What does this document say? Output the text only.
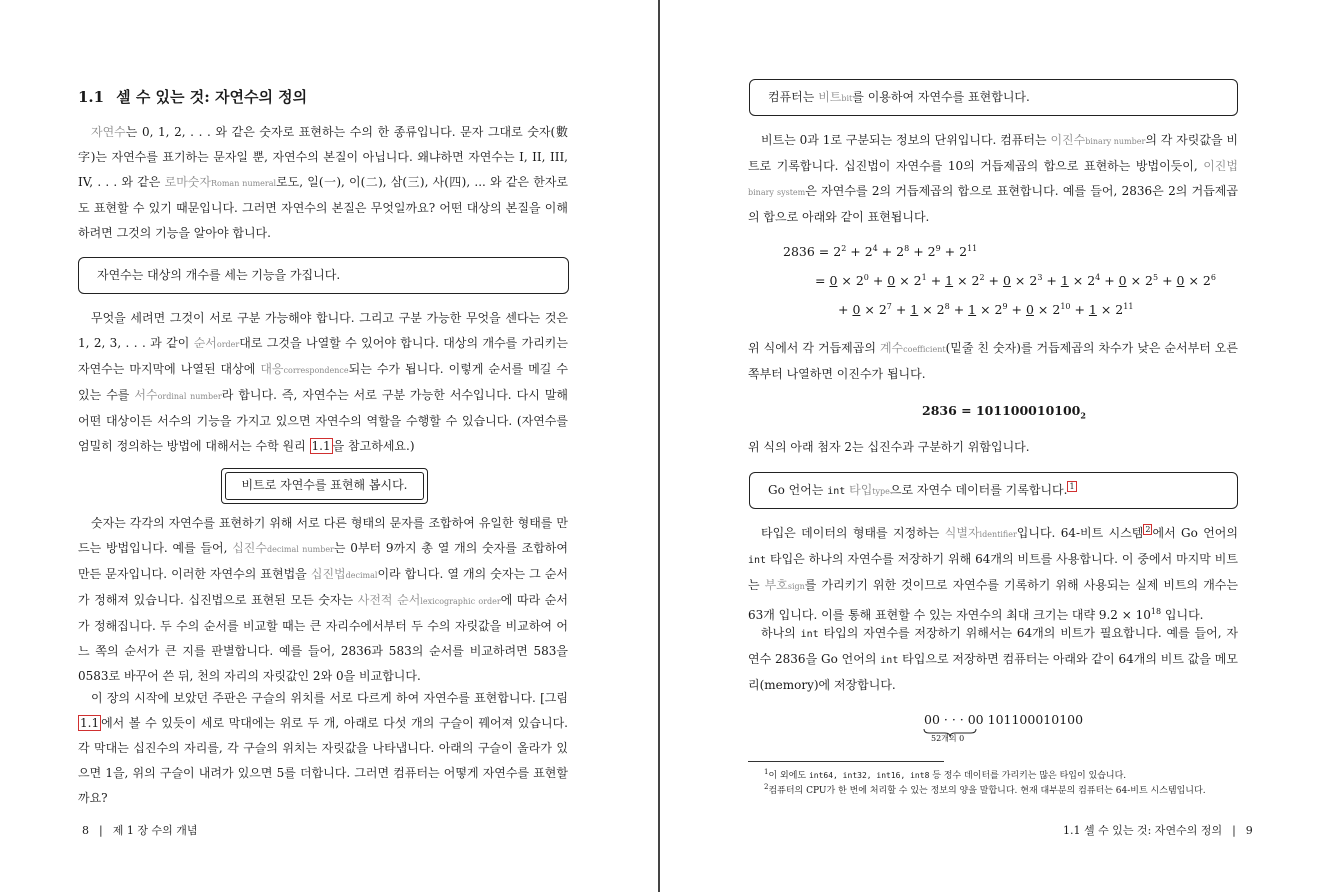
1.1 셀 수 있는 것: 자연수의 정의

자연수는 0, 1, 2, . . . 와 같은 숫자로 표현하는 수의 한 종류입니다. 문자 그대로 숫자(數字)는 자연수를 표기하는 문자일 뿐, 자연수의 본질이 아닙니다. 왜냐하면 자연수는 I, II, III, IV, . . . 와 같은 로마숫자Roman numeral로도, 일(一), 이(二), 삼(三), 사(四), ... 와 같은 한자로도 표현할 수 있기 때문입니다. 그러면 자연수의 본질은 무엇일까요? 어떤 대상의 본질을 이해하려면 그것의 기능을 알아야 합니다.

자연수는 대상의 개수를 세는 기능을 가집니다.

무엇을 세려면 그것이 서로 구분 가능해야 합니다. 그리고 구분 가능한 무엇을 센다는 것은 1, 2, 3, . . . 과 같이 순서order대로 그것을 나열할 수 있어야 합니다. 대상의 개수를 가리키는 자연수는 마지막에 나열된 대상에 대응correspondence되는 수가 됩니다. 이렇게 순서를 메길 수 있는 수를 서수ordinal number라 합니다. 즉, 자연수는 서로 구분 가능한 서수입니다. 다시 말해 어떤 대상이든 서수의 기능을 가지고 있으면 자연수의 역할을 수행할 수 있습니다. (자연수를 엄밀히 정의하는 방법에 대해서는 수학 원리 1.1 을 참고하세요.)

비트로 자연수를 표현해 봅시다.

숫자는 각각의 자연수를 표현하기 위해 서로 다른 형태의 문자를 조합하여 유일한 형태를 만드는 방법입니다. 예를 들어, 십진수decimal number는 0부터 9까지 총 열 개의 숫자를 조합하여 만든 문자입니다. 이러한 자연수의 표현법을 십진법decimal이라 합니다. 열 개의 숫자는 그 순서가 정해져 있습니다. 십진법으로 표현된 모든 숫자는 사전적 순서lexicographic order에 따라 순서가 정해집니다. 두 수의 순서를 비교할 때는 큰 자리수에서부터 두 수의 자릿값을 비교하여 어느 쪽의 순서가 큰 지를 판별합니다. 예를 들어, 2836과 583의 순서를 비교하려면 583을 0583로 바꾸어 쓴 뒤, 천의 자리의 자릿값인 2와 0을 비교합니다.

이 장의 시작에 보았던 주판은 구슬의 위치를 서로 다르게 하여 자연수를 표현합니다. [그림 1.1 에서 볼 수 있듯이 세로 막대에는 위로 두 개, 아래로 다섯 개의 구슬이 꿰어져 있습니다. 각 막대는 십진수의 자리를, 각 구슬의 위치는 자릿값을 나타냅니다. 아래의 구슬이 올라가 있으면 1을, 위의 구슬이 내려가 있으면 5를 더합니다. 그러면 컴퓨터는 어떻게 자연수를 표현할까요?

8 | 제 1 장 수의 개념
컴퓨터는 비트bit를 이용하여 자연수를 표현합니다.

비트는 0과 1로 구분되는 정보의 단위입니다. 컴퓨터는 이진수binary number의 각 자릿값을 비트로 기록합니다. 십진법이 자연수를 10의 거듭제곱의 합으로 표현하는 방법이듯이, 이진법binary system은 자연수를 2의 거듭제곱의 합으로 표현합니다. 예를 들어, 2836은 2의 거듭제곱의 합으로 아래와 같이 표현됩니다.

$2836 = 2^2 + 2^4 + 2^8 + 2^9 + 2^{11}$
= $0 \times 2^0 + 0 \times 2^1 + 1 \times 2^2 + 0 \times 2^3 + 1 \times 2^4 + 0 \times 2^5 + 0 \times 2^6$
+ $0 \times 2^7 + 1 \times 2^8 + 1 \times 2^9 + 0 \times 2^{10} + 1 \times 2^{11}$

위 식에서 각 거듭제곱의 계수coefficient(밑줄 친 숫자)를 거듭제곱의 차수가 낮은 순서부터 오른쪽부터 나열하면 이진수가 됩니다.

$2836 = 101100010100_2$

위 식의 아래 첨자 2는 십진수과 구분하기 위함입니다.

Go 언어는 int 타입type으로 자연수 데이터를 기록합니다. $^1$

타입은 데이터의 형태를 지정하는 식별자identifier입니다. 64-비트 시스템 $^2$ 에서 Go 언어의 int 타입은 하나의 자연수를 저장하기 위해 64개의 비트를 사용합니다. 이 중에서 마지막 비트는 부호sign를 가리키기 위한 것이므로 자연수를 기록하기 위해 사용되는 실제 비트의 개수는 63개 입니다. 이를 통해 표현할 수 있는 자연수의 최대 크기는 대략 $9.2 \times 10^{18}$ 입니다.

하나의 int 타입의 자연수를 저장하기 위해서는 64개의 비트가 필요합니다. 예를 들어, 자연수 2836을 Go 언어의 int 타입으로 저장하면 컴퓨터는 아래와 같이 64개의 비트 값을 메모리(memory)에 저장합니다.

00 · · · 00 101100010100
52개의 0
$^1$이 외에도 int64, int32, int16, int8 등 정수 데이터를 가리키는 많은 타입이 있습니다.
$^2$컴퓨터의 CPU가 한 번에 처리할 수 있는 정보의 양을 말합니다. 현재 대부분의 컴퓨터는 64-비트 시스템입니다.
1.1 셀 수 있는 것: 자연수의 정의 | 9
